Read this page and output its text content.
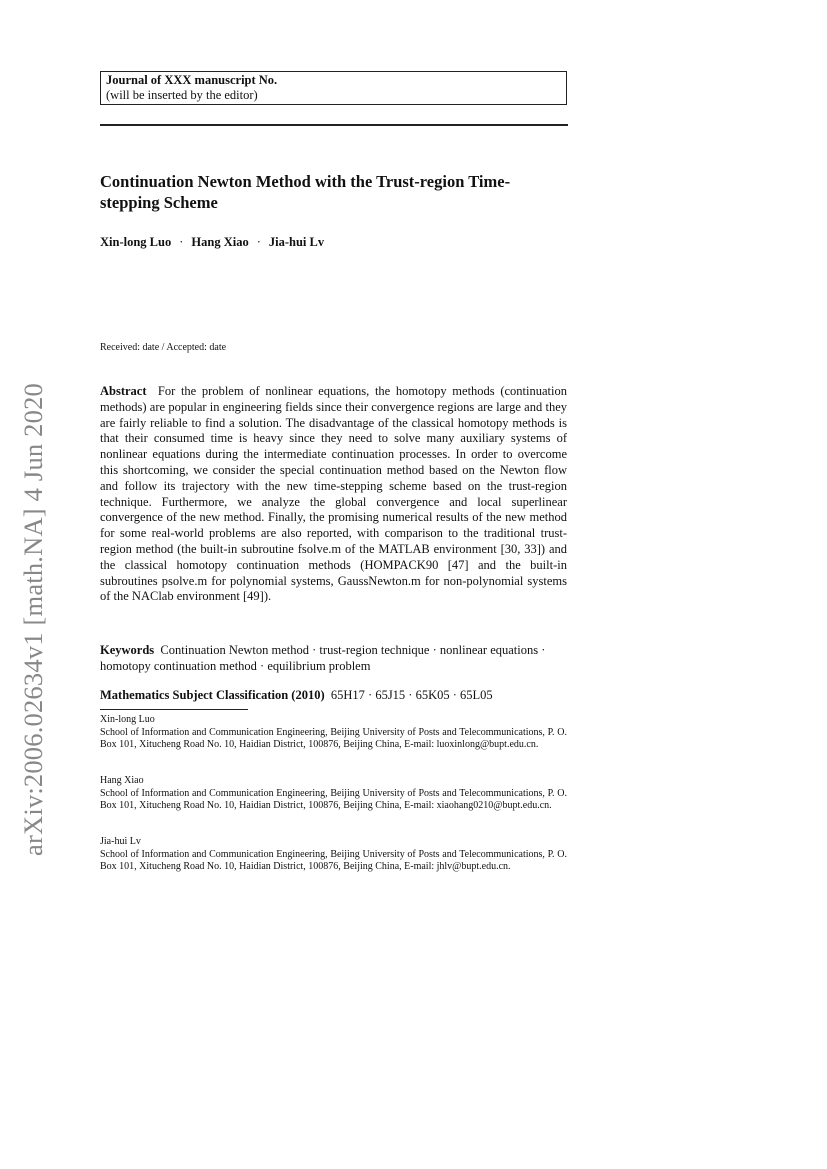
arXiv:2006.02634v1 [math.NA] 4 Jun 2020
Journal of XXX manuscript No.
(will be inserted by the editor)
Continuation Newton Method with the Trust-region Time-stepping Scheme
Xin-long Luo · Hang Xiao · Jia-hui Lv
Received: date / Accepted: date

Abstract For the problem of nonlinear equations, the homotopy methods (continuation methods) are popular in engineering fields since their convergence regions are large and they are fairly reliable to find a solution. The disadvantage of the classical homotopy methods is that their consumed time is heavy since they need to solve many auxiliary systems of nonlinear equations during the intermediate continuation processes. In order to overcome this shortcoming, we consider the special continuation method based on the Newton flow and follow its trajectory with the new time-stepping scheme based on the trust-region technique. Furthermore, we analyze the global convergence and local superlinear convergence of the new method. Finally, the promising numerical results of the new method for some real-world problems are also reported, with comparison to the traditional trust-region method (the built-in subroutine fsolve.m of the MATLAB environment [30, 33]) and the classical homotopy continuation methods (HOMPACK90 [47] and the built-in subroutines psolve.m for polynomial systems, GaussNewton.m for non-polynomial systems of the NAClab environment [49]).

Keywords Continuation Newton method · trust-region technique · nonlinear equations · homotopy continuation method · equilibrium problem

Mathematics Subject Classification (2010) 65H17 · 65J15 · 65K05 · 65L05
Xin-long Luo
School of Information and Communication Engineering, Beijing University of Posts and Telecommunications, P. O. Box 101, Xitucheng Road No. 10, Haidian District, 100876, Beijing China, E-mail: luoxinlong@bupt.edu.cn.
Hang Xiao
School of Information and Communication Engineering, Beijing University of Posts and Telecommunications, P. O. Box 101, Xitucheng Road No. 10, Haidian District, 100876, Beijing China, E-mail: xiaohang0210@bupt.edu.cn.
Jia-hui Lv
School of Information and Communication Engineering, Beijing University of Posts and Telecommunications, P. O. Box 101, Xitucheng Road No. 10, Haidian District, 100876, Beijing China, E-mail: jhlv@bupt.edu.cn.
